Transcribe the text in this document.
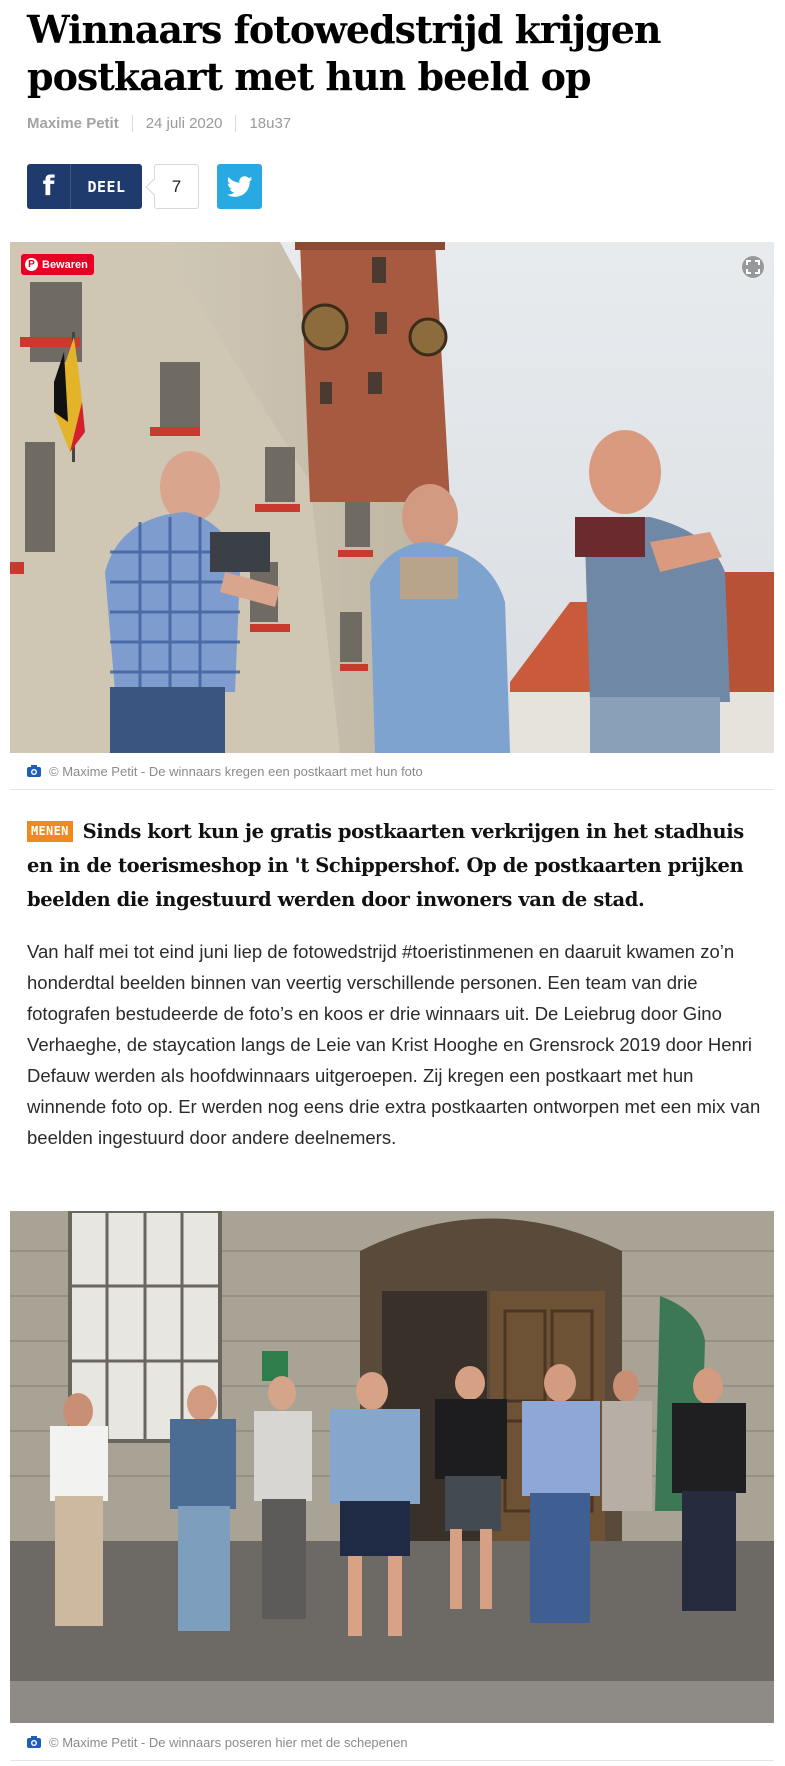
Winnaars fotowedstrijd krijgen postkaart met hun beeld op
Maxime Petit 24 juli 2020 18u37
f	DEEL	7
P Bewaren
© Maxime Petit - De winnaars kregen een postkaart met hun foto

MENEN Sinds kort kun je gratis postkaarten verkrijgen in het stadhuis en in de toerismeshop in 't Schippershof. Op de postkaarten prijken beelden die ingestuurd werden door inwoners van de stad.

Van half mei tot eind juni liep de fotowedstrijd #toeristinmenen en daaruit kwamen zo’n honderdtal beelden binnen van veertig verschillende personen. Een team van drie fotografen bestudeerde de foto’s en koos er drie winnaars uit. De Leiebrug door Gino Verhaeghe, de staycation langs de Leie van Krist Hooghe en Grensrock 2019 door Henri Defauw werden als hoofdwinnaars uitgeroepen. Zij kregen een postkaart met hun winnende foto op. Er werden nog eens drie extra postkaarten ontworpen met een mix van beelden ingestuurd door andere deelnemers.

© Maxime Petit - De winnaars poseren hier met de schepenen
